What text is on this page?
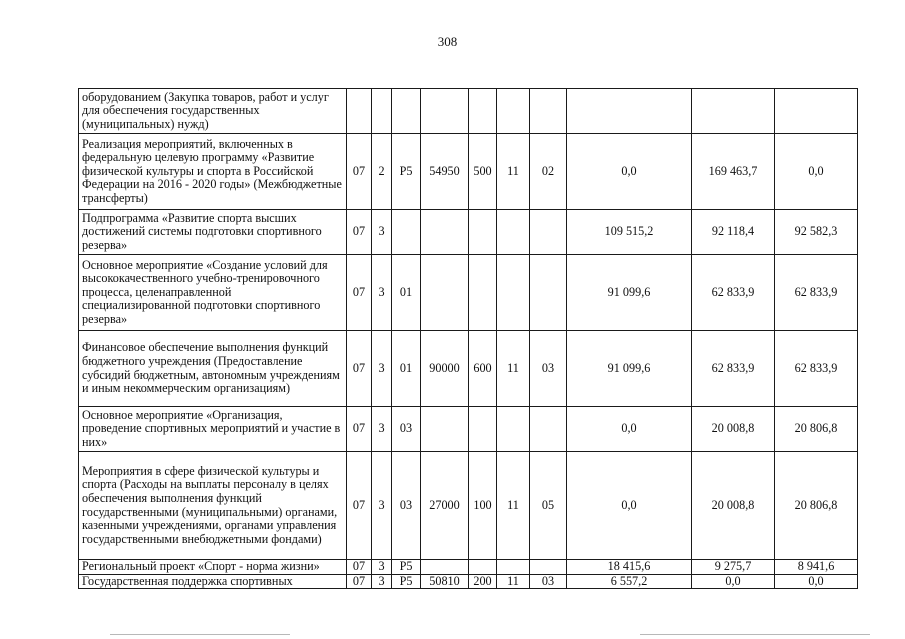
308
оборудованием (Закупка товаров, работ и услуг для обеспечения государственных (муниципальных) нужд)										
Реализация мероприятий, включенных в федеральную целевую программу «Развитие физической культуры и спорта в Российской Федерации на 2016 - 2020 годы» (Межбюджетные трансферты)	07	2	P5	54950	500	11	02	0,0	169 463,7	0,0
Подпрограмма «Развитие спорта высших достижений системы подготовки спортивного резерва»	07	3						109 515,2	92 118,4	92 582,3
Основное мероприятие «Создание условий для высококачественного учебно-тренировочного процесса, целенаправленной специализированной подготовки спортивного резерва»	07	3	01					91 099,6	62 833,9	62 833,9
Финансовое обеспечение выполнения функций бюджетного учреждения (Предоставление субсидий бюджетным, автономным учреждениям и иным некоммерческим организациям)	07	3	01	90000	600	11	03	91 099,6	62 833,9	62 833,9
Основное мероприятие «Организация, проведение спортивных мероприятий и участие в них»	07	3	03					0,0	20 008,8	20 806,8
Мероприятия в сфере физической культуры и спорта (Расходы на выплаты персоналу в целях обеспечения выполнения функций государственными (муниципальными) органами, казенными учреждениями, органами управления государственными внебюджетными фондами)	07	3	03	27000	100	11	05	0,0	20 008,8	20 806,8
Региональный проект «Спорт - норма жизни»	07	3	P5					18 415,6	9 275,7	8 941,6
Государственная поддержка спортивных	07	3	P5	50810	200	11	03	6 557,2	0,0	0,0
